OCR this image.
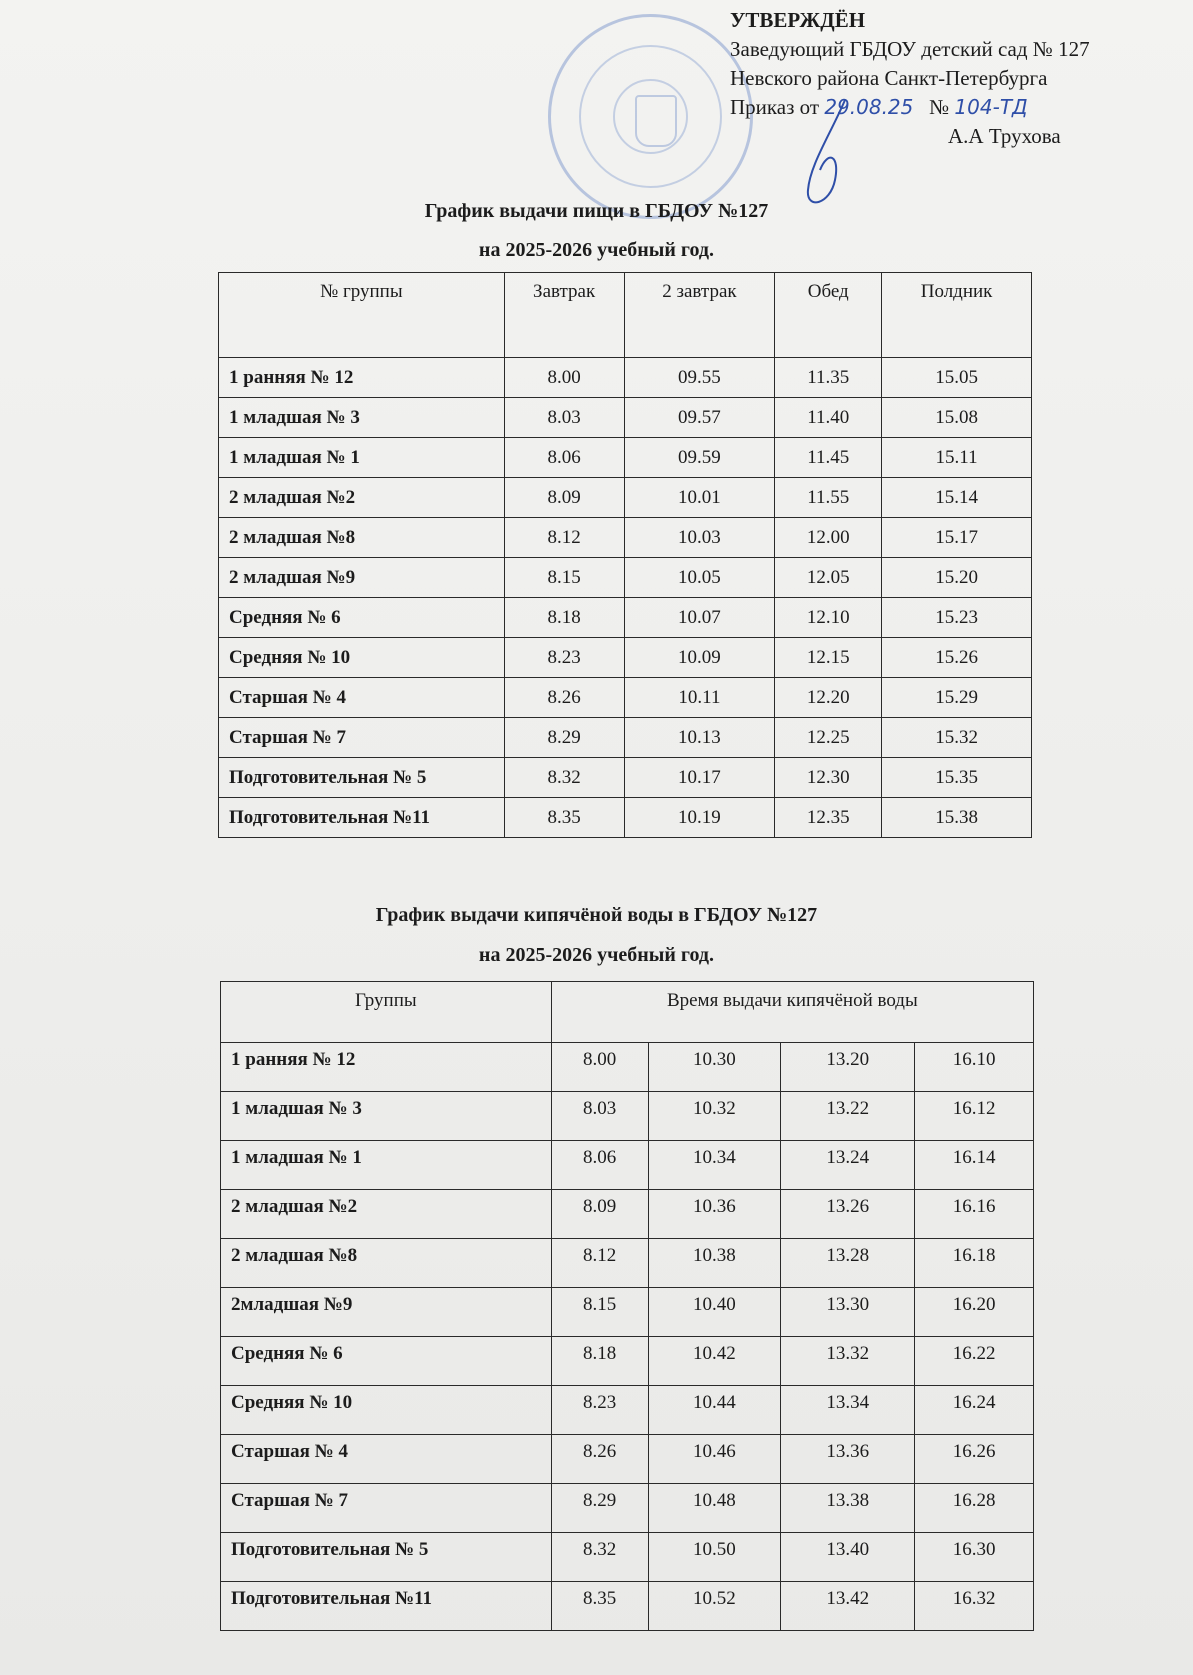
УТВЕРЖДЁН
Заведующий ГБДОУ детский сад № 127
Невского района Санкт-Петербурга
Приказ от 29.08.25 № 104-ТД
А.А Трухова
График выдачи пищи в ГБДОУ №127
на 2025-2026 учебный год.
№ группы	Завтрак	2 завтрак	Обед	Полдник
1 ранняя № 12	8.00	09.55	11.35	15.05
1 младшая № 3	8.03	09.57	11.40	15.08
1 младшая № 1	8.06	09.59	11.45	15.11
2 младшая №2	8.09	10.01	11.55	15.14
2 младшая №8	8.12	10.03	12.00	15.17
2 младшая №9	8.15	10.05	12.05	15.20
Средняя № 6	8.18	10.07	12.10	15.23
Средняя № 10	8.23	10.09	12.15	15.26
Старшая № 4	8.26	10.11	12.20	15.29
Старшая № 7	8.29	10.13	12.25	15.32
Подготовительная № 5	8.32	10.17	12.30	15.35
Подготовительная №11	8.35	10.19	12.35	15.38
График выдачи кипячёной воды в ГБДОУ №127
на 2025-2026 учебный год.
Группы	Время выдачи кипячёной воды			
1 ранняя № 12	8.00	10.30	13.20	16.10
1 младшая № 3	8.03	10.32	13.22	16.12
1 младшая № 1	8.06	10.34	13.24	16.14
2 младшая №2	8.09	10.36	13.26	16.16
2 младшая №8	8.12	10.38	13.28	16.18
2младшая №9	8.15	10.40	13.30	16.20
Средняя № 6	8.18	10.42	13.32	16.22
Средняя № 10	8.23	10.44	13.34	16.24
Старшая № 4	8.26	10.46	13.36	16.26
Старшая № 7	8.29	10.48	13.38	16.28
Подготовительная № 5	8.32	10.50	13.40	16.30
Подготовительная №11	8.35	10.52	13.42	16.32
